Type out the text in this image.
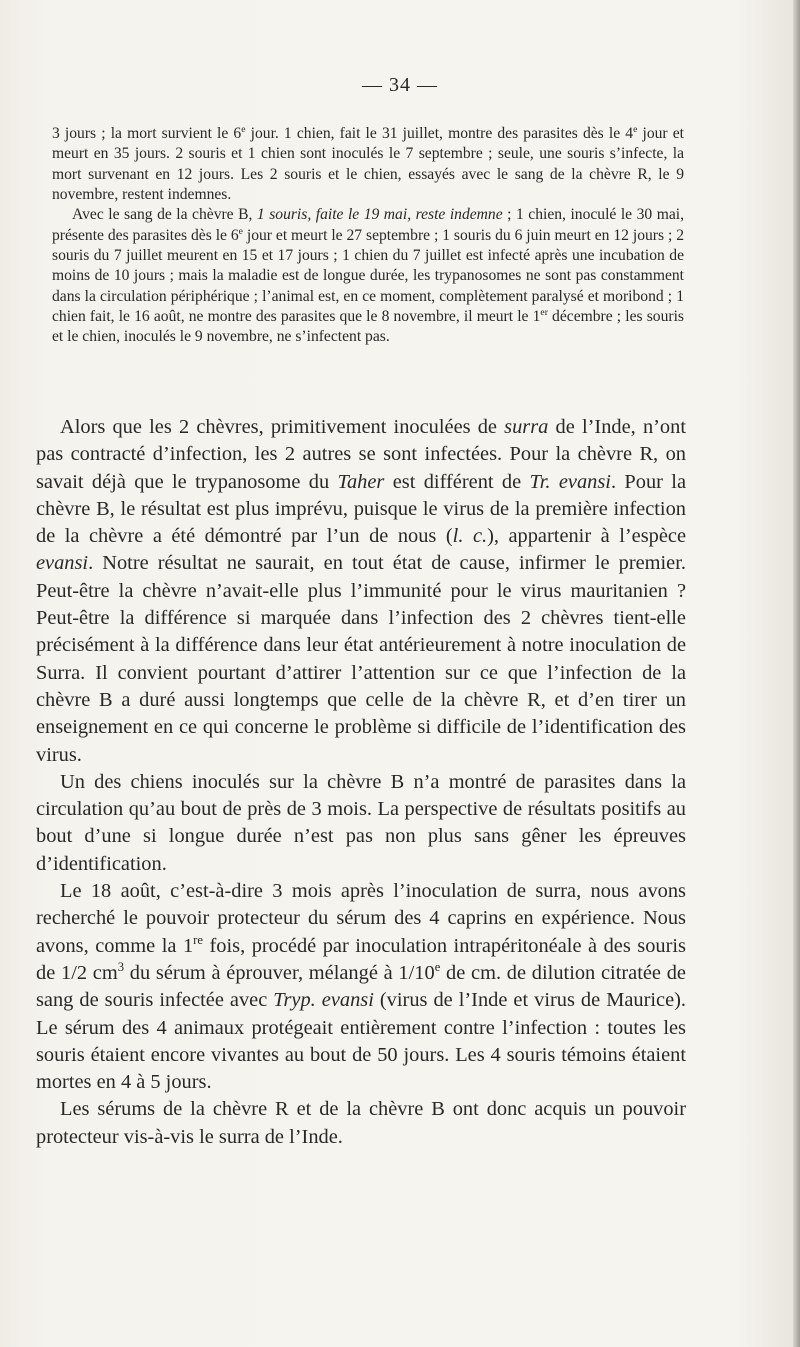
— 34 —

3 jours ; la mort survient le 6e jour. 1 chien, fait le 31 juillet, montre des parasites dès le 4e jour et meurt en 35 jours. 2 souris et 1 chien sont inoculés le 7 septembre ; seule, une souris s’infecte, la mort survenant en 12 jours. Les 2 souris et le chien, essayés avec le sang de la chèvre R, le 9 novembre, restent indemnes.

Avec le sang de la chèvre B, 1 souris, faite le 19 mai, reste indemne ; 1 chien, inoculé le 30 mai, présente des parasites dès le 6e jour et meurt le 27 septembre ; 1 souris du 6 juin meurt en 12 jours ; 2 souris du 7 juillet meurent en 15 et 17 jours ; 1 chien du 7 juillet est infecté après une incubation de moins de 10 jours ; mais la maladie est de longue durée, les trypanosomes ne sont pas constamment dans la circulation périphérique ; l’animal est, en ce moment, complètement paralysé et moribond ; 1 chien fait, le 16 août, ne montre des parasites que le 8 novembre, il meurt le 1er décembre ; les souris et le chien, inoculés le 9 novembre, ne s’infectent pas.

Alors que les 2 chèvres, primitivement inoculées de surra de l’Inde, n’ont pas contracté d’infection, les 2 autres se sont infectées. Pour la chèvre R, on savait déjà que le trypanosome du Taher est différent de Tr. evansi. Pour la chèvre B, le résultat est plus imprévu, puisque le virus de la première infection de la chèvre a été démontré par l’un de nous (l. c.), appartenir à l’espèce evansi. Notre résultat ne saurait, en tout état de cause, infirmer le premier. Peut-être la chèvre n’avait-elle plus l’immunité pour le virus mauritanien ? Peut-être la différence si marquée dans l’infection des 2 chèvres tient-elle précisément à la différence dans leur état antérieurement à notre inoculation de Surra. Il convient pourtant d’attirer l’attention sur ce que l’infection de la chèvre B a duré aussi longtemps que celle de la chèvre R, et d’en tirer un enseignement en ce qui concerne le problème si difficile de l’identification des virus.

Un des chiens inoculés sur la chèvre B n’a montré de parasites dans la circulation qu’au bout de près de 3 mois. La perspective de résultats positifs au bout d’une si longue durée n’est pas non plus sans gêner les épreuves d’identification.

Le 18 août, c’est-à-dire 3 mois après l’inoculation de surra, nous avons recherché le pouvoir protecteur du sérum des 4 caprins en expérience. Nous avons, comme la 1re fois, procédé par inoculation intrapéritonéale à des souris de 1/2 $cm^3$ du sérum à éprouver, mélangé à 1/10e de cm. de dilution citratée de sang de souris infectée avec Tryp. evansi (virus de l’Inde et virus de Maurice). Le sérum des 4 animaux protégeait entièrement contre l’infection : toutes les souris étaient encore vivantes au bout de 50 jours. Les 4 souris témoins étaient mortes en 4 à 5 jours.

Les sérums de la chèvre R et de la chèvre B ont donc acquis un pouvoir protecteur vis-à-vis le surra de l’Inde.
